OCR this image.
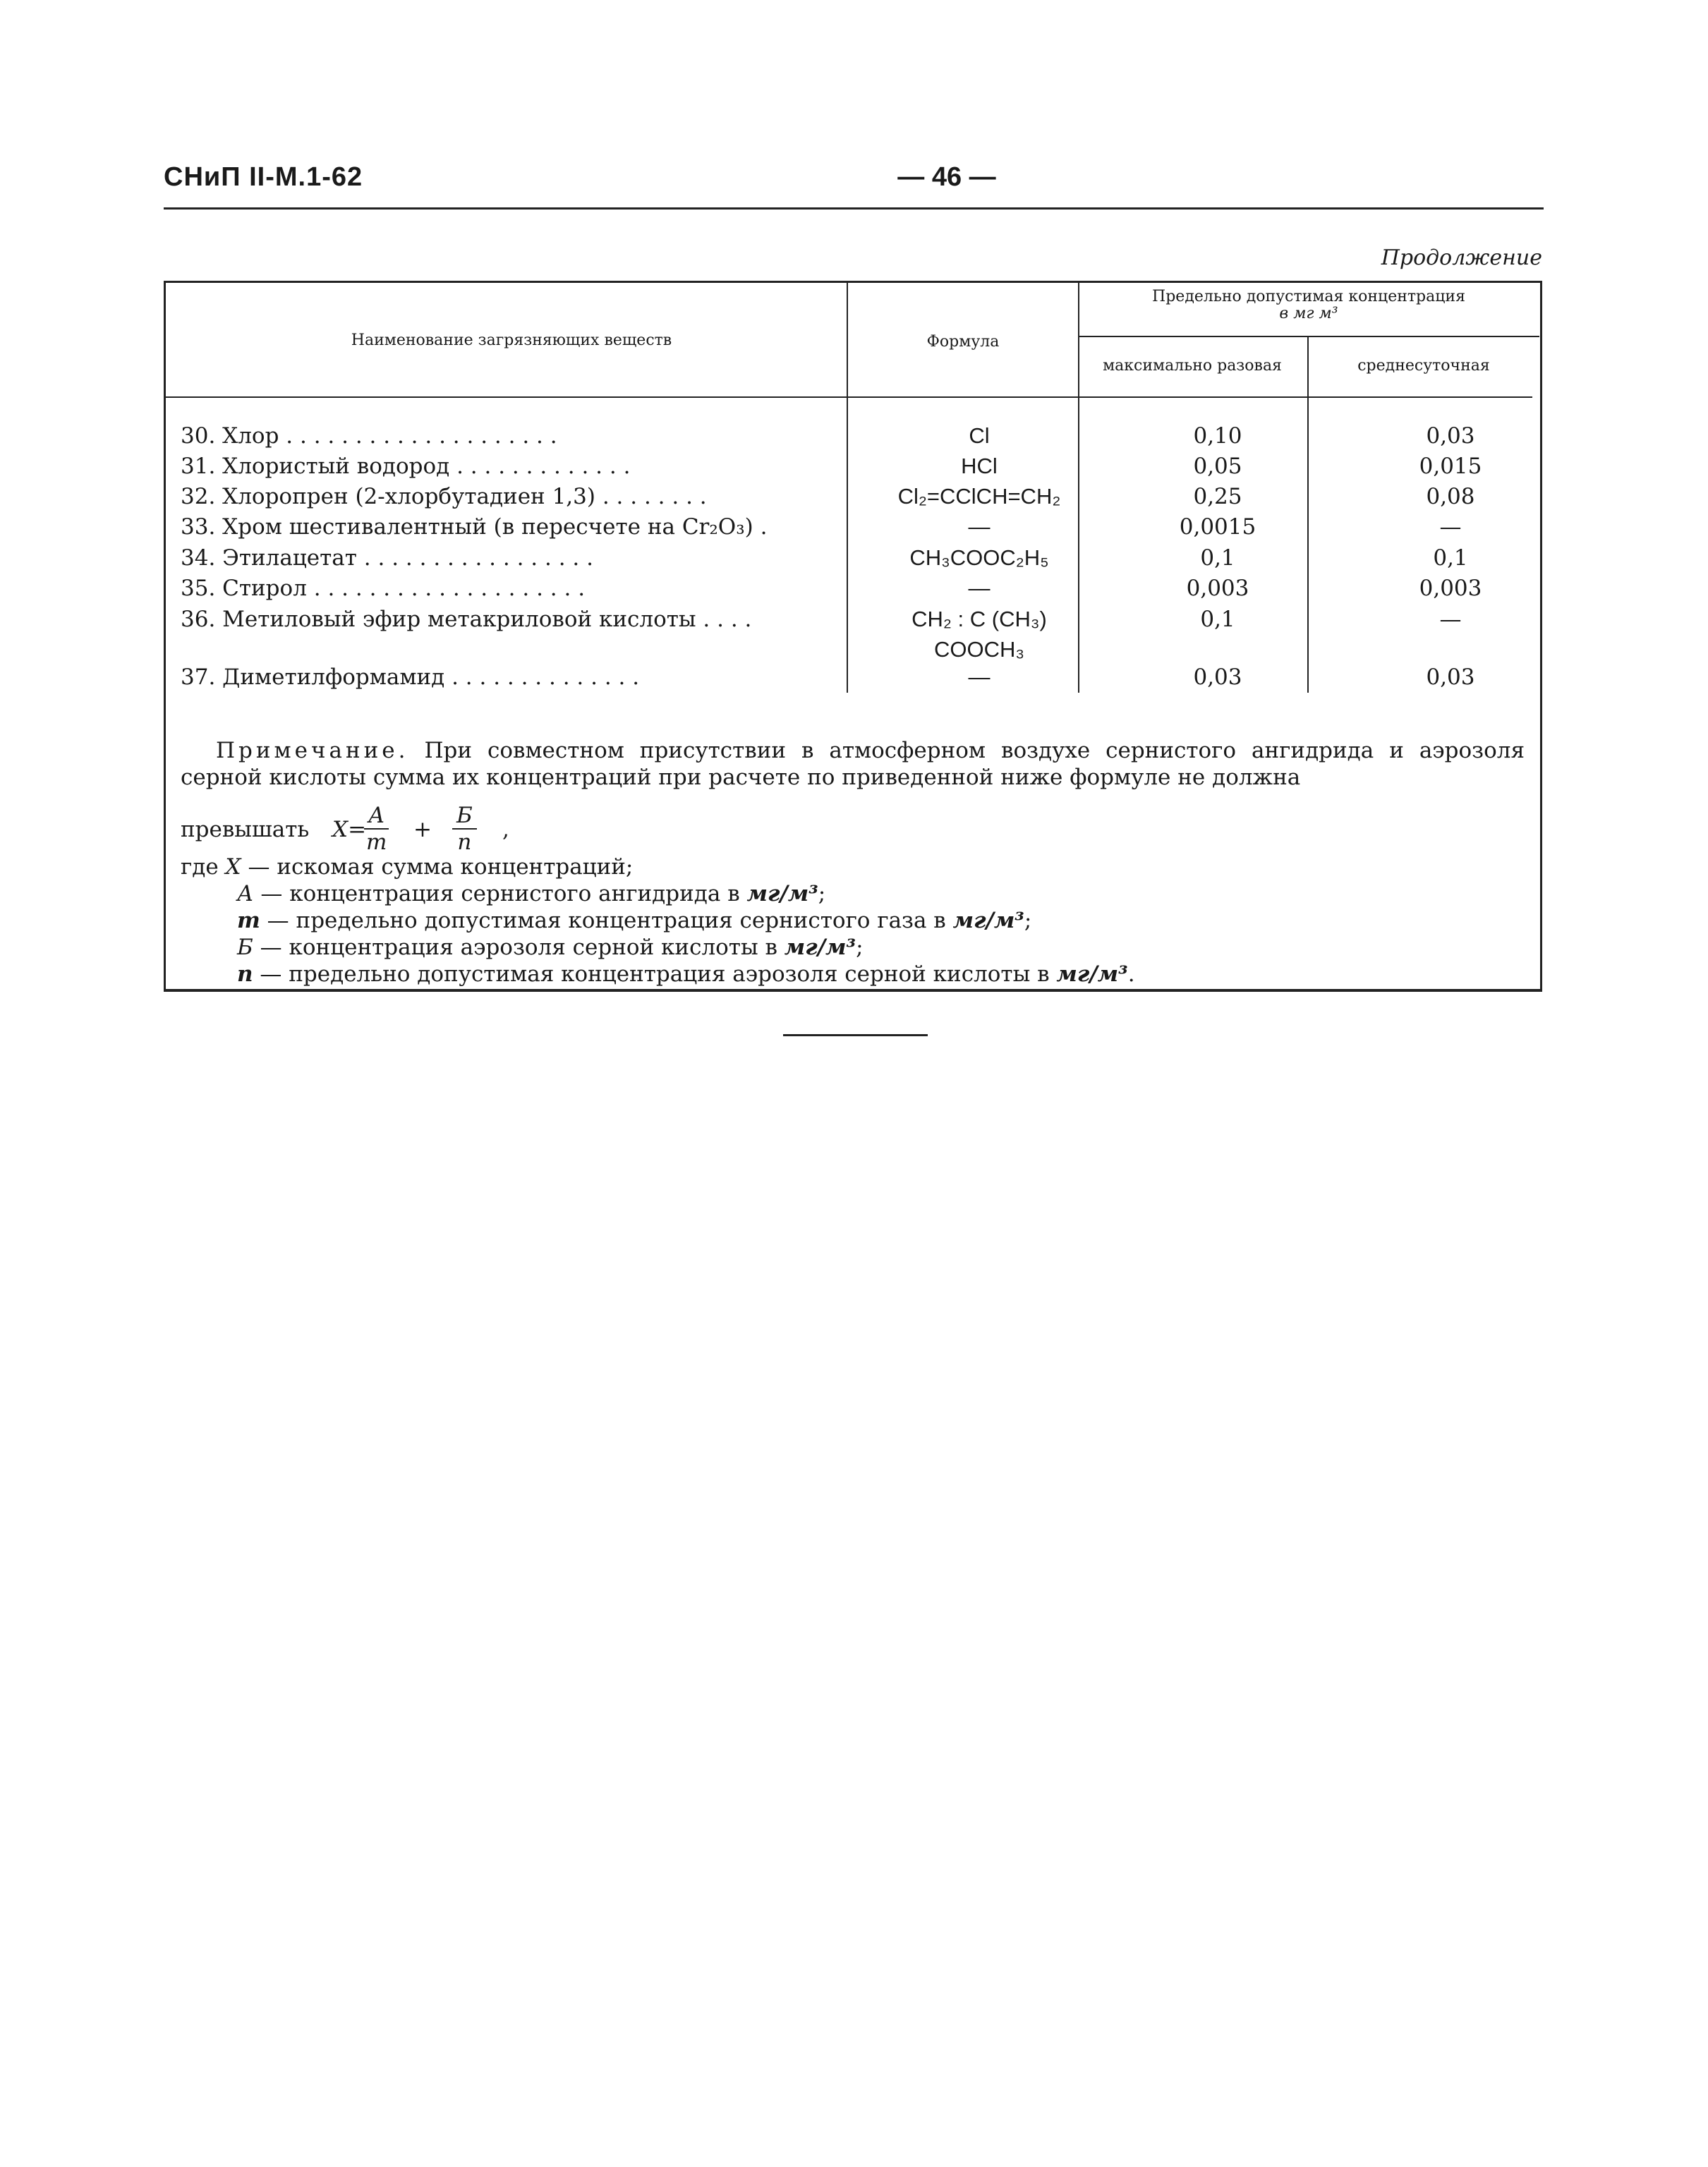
СНиП II-М.1-62	— 46 —
Продолжение
Наименование загрязняющих веществ	Формула
Предельно допустимая концентрация
в мг м³
максимально разовая	среднесуточная
30. Хлор . . . . . . . . . . . . . . . . . . . .	Cl	0,10	0,03
31. Хлористый водород . . . . . . . . . . . . .	HCl	0,05	0,015
32. Хлоропрен (2-хлорбутадиен 1,3) . . . . . . . .	Cl₂=CClCH=CH₂	0,25	0,08
33. Хром шестивалентный (в пересчете на Cr₂O₃) .	—	0,0015	—
34. Этилацетат . . . . . . . . . . . . . . . . .	CH₃COOC₂H₅	0,1	0,1
35. Стирол . . . . . . . . . . . . . . . . . . . .	—	0,003	0,003
36. Метиловый эфир метакриловой кислоты . . . .	CH₂ : C (CH₃)	0,1	—
COOCH₃
37. Диметилформамид . . . . . . . . . . . . . .	—	0,03	0,03
Примечание. При совместном присутствии в атмосферном воздухе сернистого ангидрида и аэрозоля серной кислоты сумма их концентраций при расчете по приведенной ниже формуле не должна
превышать X=
А
m +
Б
n ,
где X — искомая сумма концентраций;
А — концентрация сернистого ангидрида в мг/м³;
m — предельно допустимая концентрация сернистого газа в мг/м³;
Б — концентрация аэрозоля серной кислоты в мг/м³;
n — предельно допустимая концентрация аэрозоля серной кислоты в мг/м³.
